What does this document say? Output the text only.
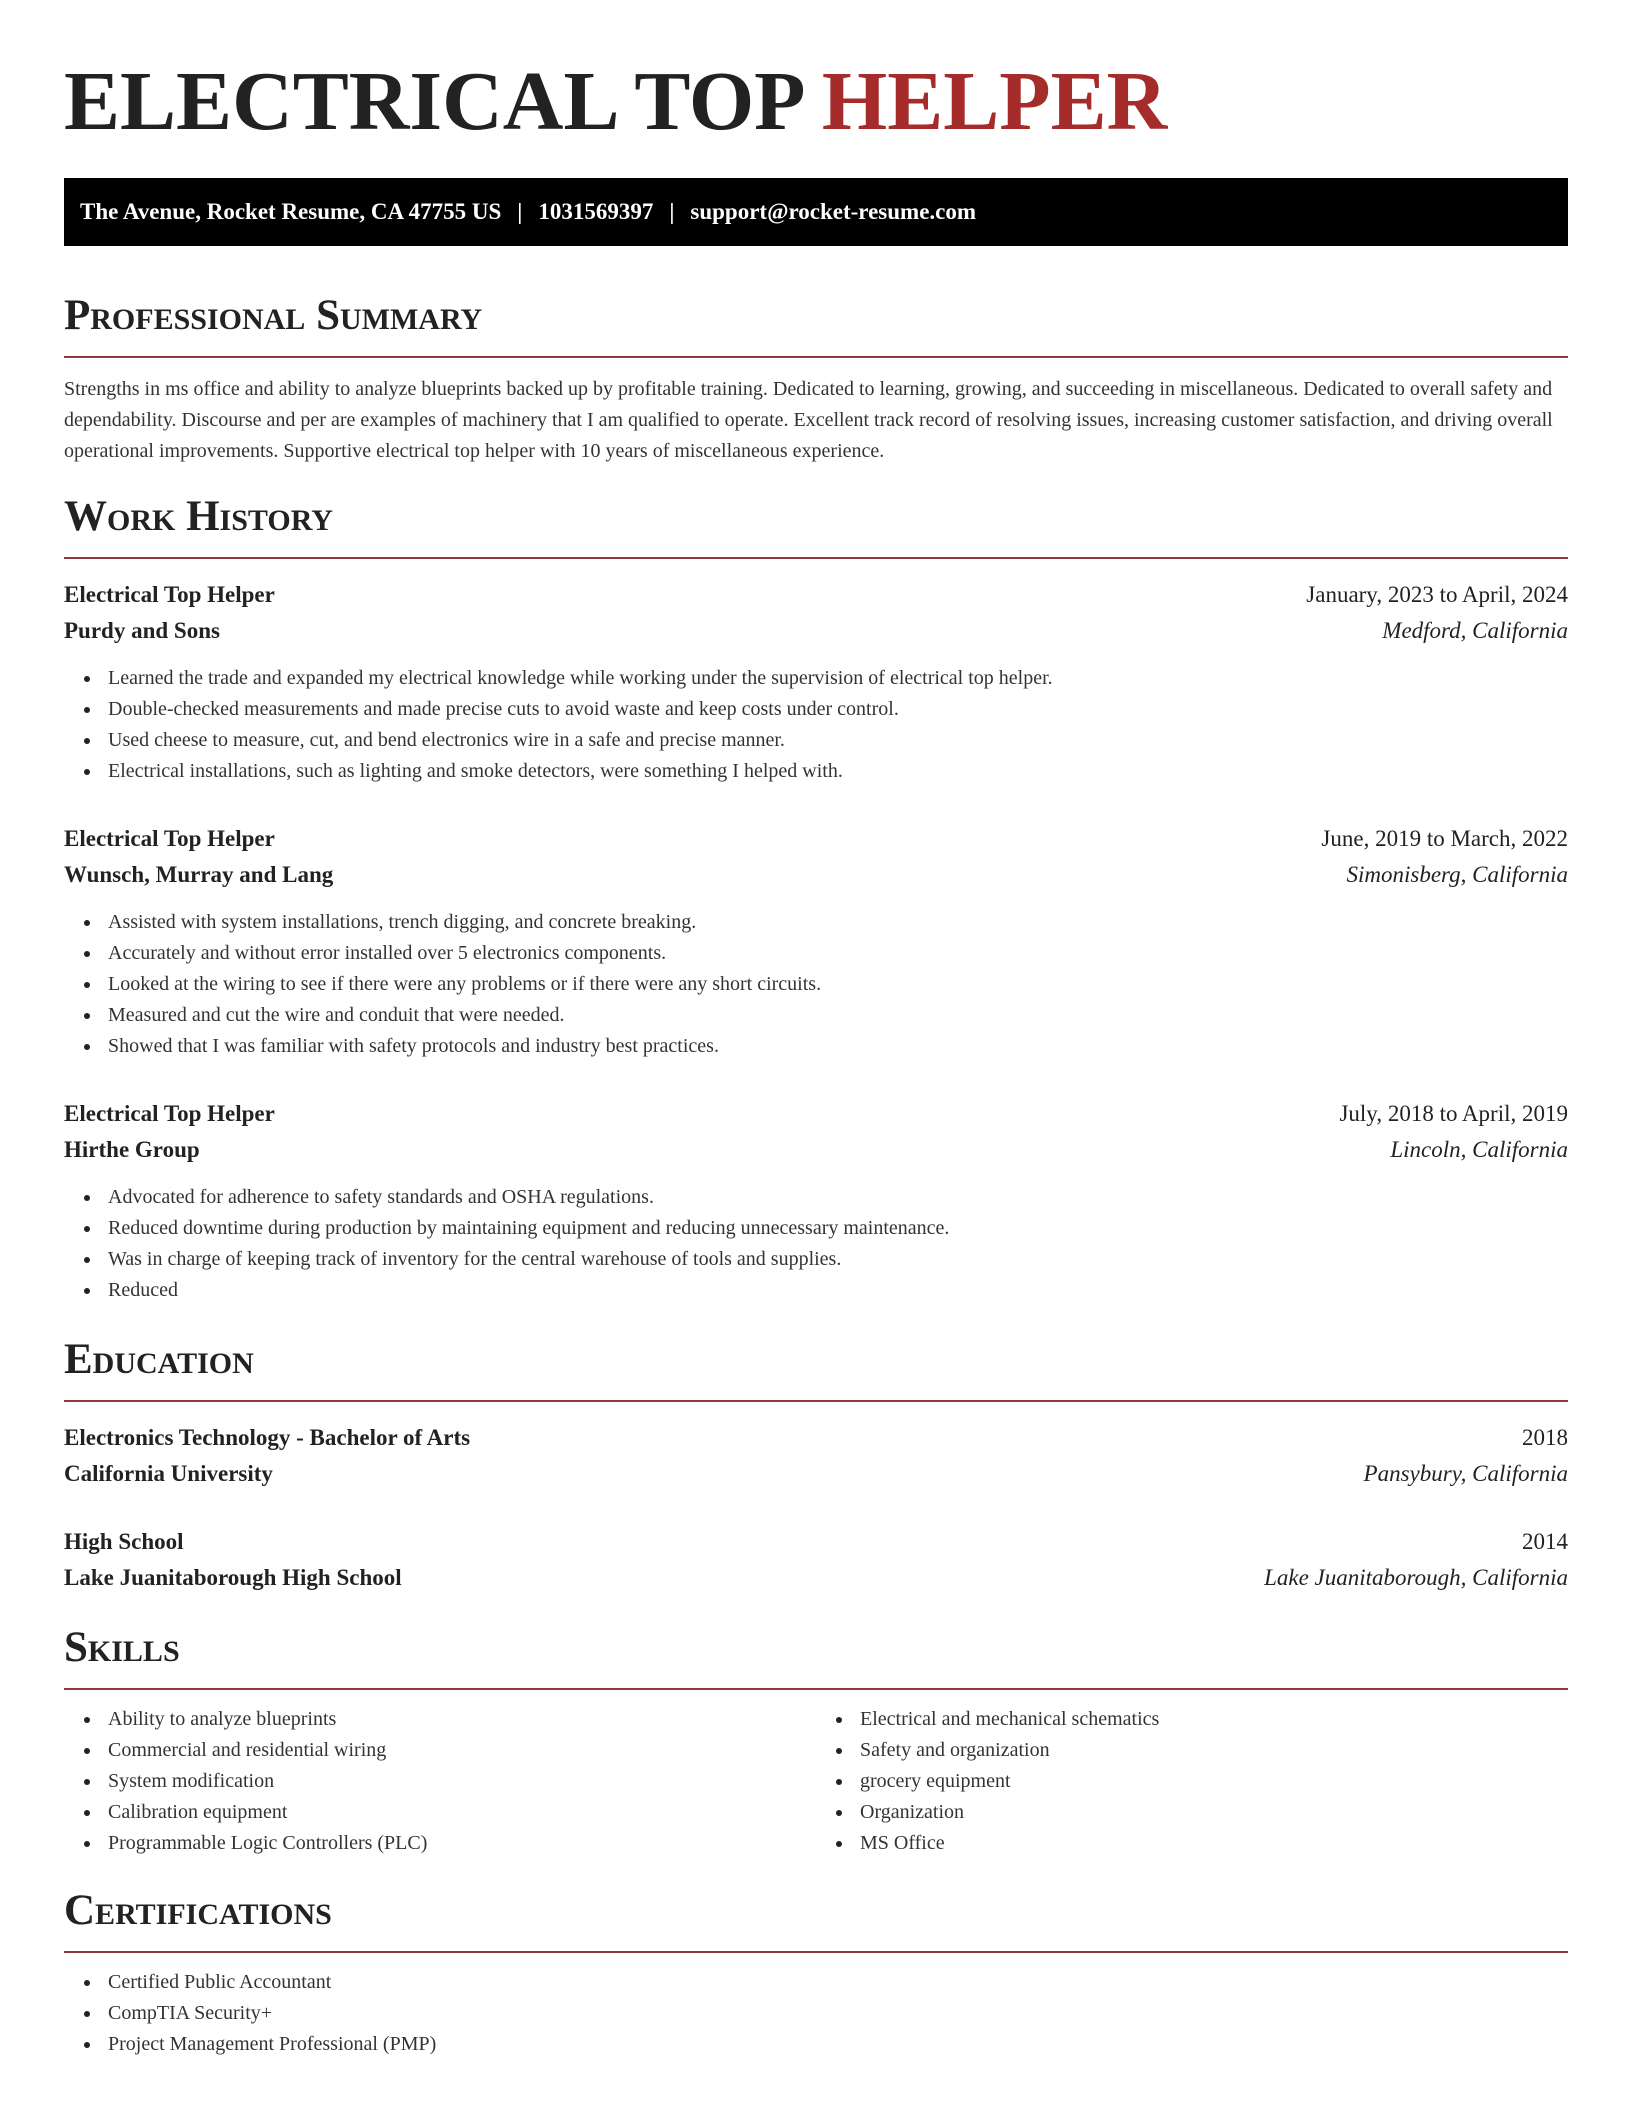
ELECTRICAL TOP HELPER
The Avenue, Rocket Resume, CA 47755 US | 1031569397 | support@rocket-resume.com
Professional Summary

Strengths in ms office and ability to analyze blueprints backed up by profitable training. Dedicated to learning, growing, and succeeding in miscellaneous. Dedicated to overall safety and dependability. Discourse and per are examples of machinery that I am qualified to operate. Excellent track record of resolving issues, increasing customer satisfaction, and driving overall operational improvements. Supportive electrical top helper with 10 years of miscellaneous experience.

Work History
Electrical Top Helper	January, 2023 to April, 2024
Purdy and Sons	Medford, California
Learned the trade and expanded my electrical knowledge while working under the supervision of electrical top helper.
Double-checked measurements and made precise cuts to avoid waste and keep costs under control.
Used cheese to measure, cut, and bend electronics wire in a safe and precise manner.
Electrical installations, such as lighting and smoke detectors, were something I helped with.
Electrical Top Helper	June, 2019 to March, 2022
Wunsch, Murray and Lang	Simonisberg, California
Assisted with system installations, trench digging, and concrete breaking.
Accurately and without error installed over 5 electronics components.
Looked at the wiring to see if there were any problems or if there were any short circuits.
Measured and cut the wire and conduit that were needed.
Showed that I was familiar with safety protocols and industry best practices.
Electrical Top Helper	July, 2018 to April, 2019
Hirthe Group	Lincoln, California
Advocated for adherence to safety standards and OSHA regulations.
Reduced downtime during production by maintaining equipment and reducing unnecessary maintenance.
Was in charge of keeping track of inventory for the central warehouse of tools and supplies.
Reduced
Education
Electronics Technology - Bachelor of Arts	2018
California University	Pansybury, California
High School	2014
Lake Juanitaborough High School	Lake Juanitaborough, California
Skills
Ability to analyze blueprints
Commercial and residential wiring
System modification
Calibration equipment
Programmable Logic Controllers (PLC)
Electrical and mechanical schematics
Safety and organization
grocery equipment
Organization
MS Office
Certifications
Certified Public Accountant
CompTIA Security+
Project Management Professional (PMP)
